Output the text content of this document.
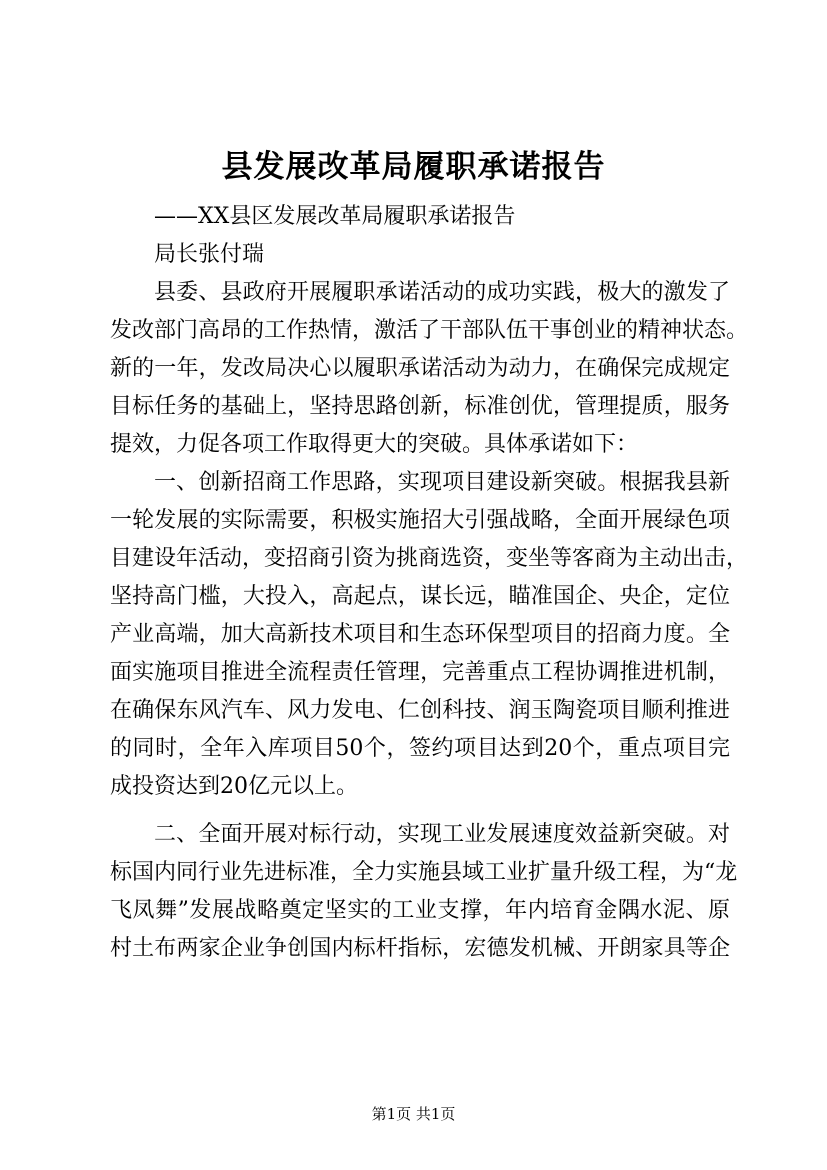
县发展改革局履职承诺报告
——XX县区发展改革局履职承诺报告
局长张付瑞
县委、县政府开展履职承诺活动的成功实践，极大的激发了
发改部门高昂的工作热情，激活了干部队伍干事创业的精神状态。
新的一年，发改局决心以履职承诺活动为动力，在确保完成规定
目标任务的基础上，坚持思路创新，标准创优，管理提质，服务
提效，力促各项工作取得更大的突破。具体承诺如下：
一、创新招商工作思路，实现项目建设新突破。根据我县新
一轮发展的实际需要，积极实施招大引强战略，全面开展绿色项
目建设年活动，变招商引资为挑商选资，变坐等客商为主动出击，
坚持高门槛，大投入，高起点，谋长远，瞄准国企、央企，定位
产业高端，加大高新技术项目和生态环保型项目的招商力度。全
面实施项目推进全流程责任管理，完善重点工程协调推进机制，
在确保东风汽车、风力发电、仁创科技、润玉陶瓷项目顺利推进
的同时，全年入库项目50个，签约项目达到20个，重点项目完
成投资达到20亿元以上。
二、全面开展对标行动，实现工业发展速度效益新突破。对
标国内同行业先进标准，全力实施县域工业扩量升级工程，为“龙
飞凤舞”发展战略奠定坚实的工业支撑，年内培育金隅水泥、原
村土布两家企业争创国内标杆指标，宏德发机械、开朗家具等企
第1页 共1页
